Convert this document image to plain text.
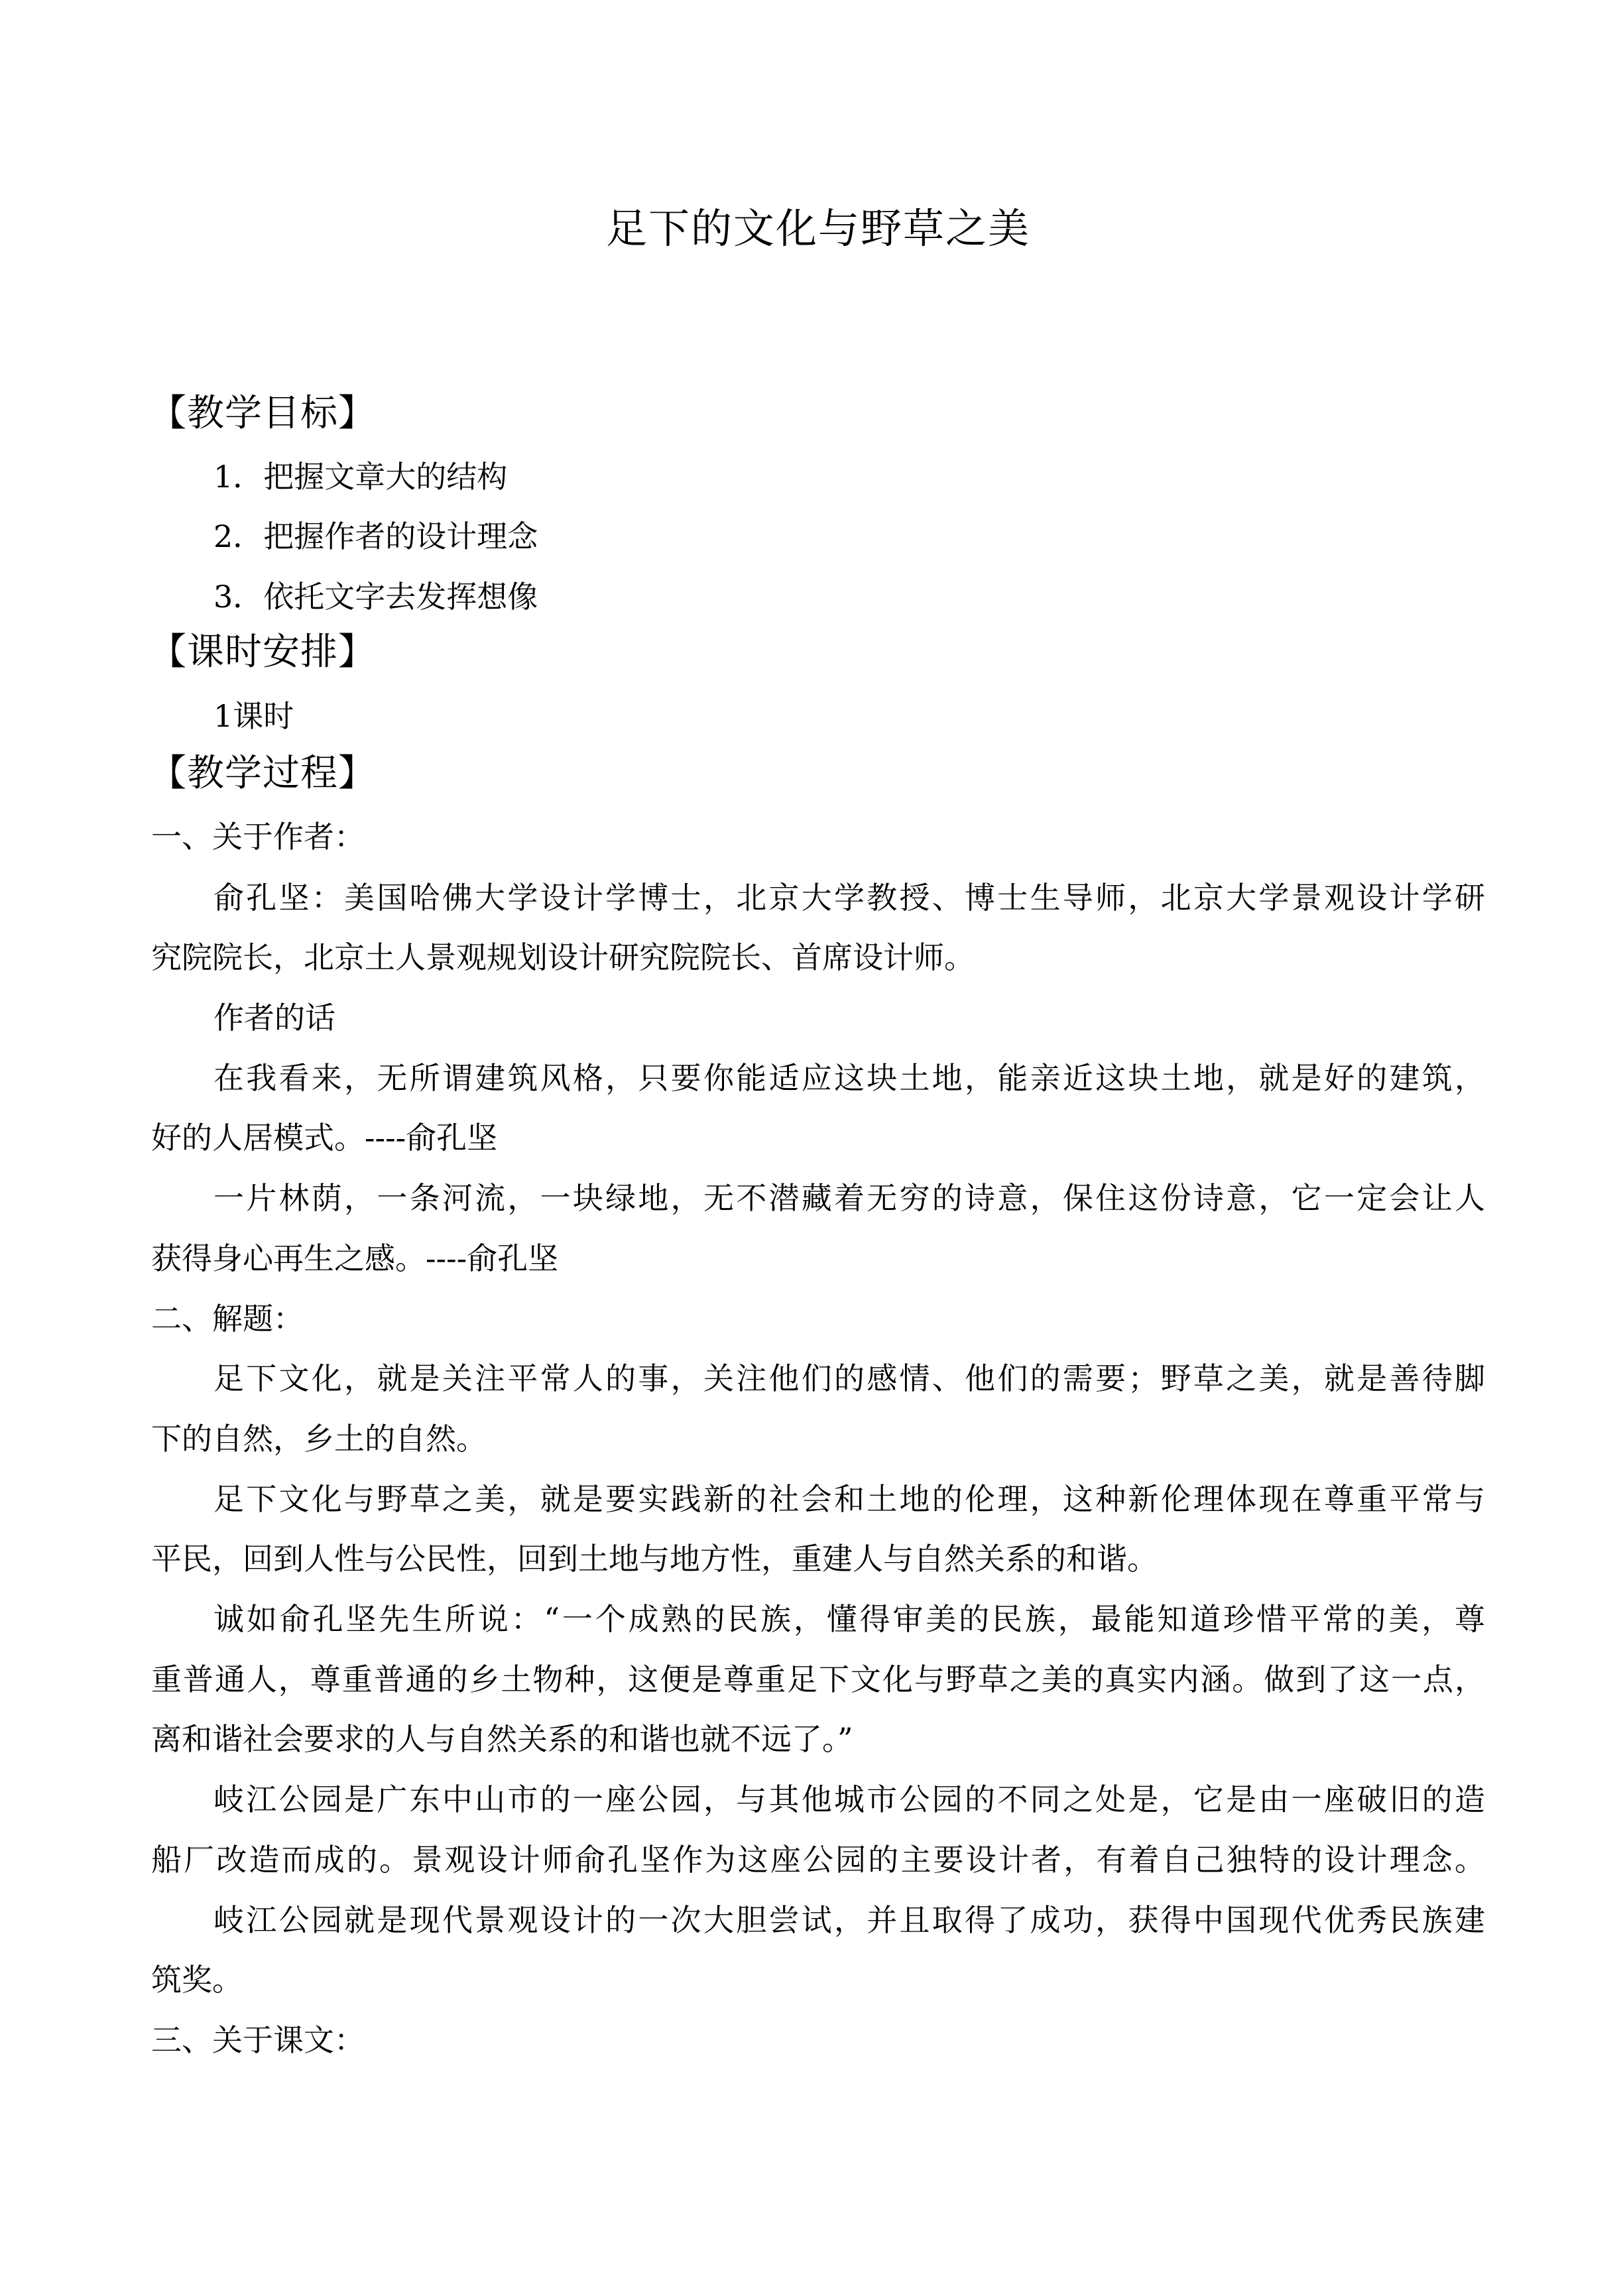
足下的文化与野草之美
【教学目标】
1．把握文章大的结构
2．把握作者的设计理念
3．依托文字去发挥想像
【课时安排】
1课时
【教学过程】
一、关于作者：
俞孔坚：美国哈佛大学设计学博士，北京大学教授、博士生导师，北京大学景观设计学研
究院院长，北京土人景观规划设计研究院院长、首席设计师。
作者的话
在我看来，无所谓建筑风格，只要你能适应这块土地，能亲近这块土地，就是好的建筑，
好的人居模式。----俞孔坚
一片林荫，一条河流，一块绿地，无不潜藏着无穷的诗意，保住这份诗意，它一定会让人
获得身心再生之感。----俞孔坚
二、解题：
足下文化，就是关注平常人的事，关注他们的感情、他们的需要；野草之美，就是善待脚
下的自然，乡土的自然。
足下文化与野草之美，就是要实践新的社会和土地的伦理，这种新伦理体现在尊重平常与
平民，回到人性与公民性，回到土地与地方性，重建人与自然关系的和谐。
诚如俞孔坚先生所说：“一个成熟的民族，懂得审美的民族，最能知道珍惜平常的美，尊
重普通人，尊重普通的乡土物种，这便是尊重足下文化与野草之美的真实内涵。做到了这一点，
离和谐社会要求的人与自然关系的和谐也就不远了。”
岐江公园是广东中山市的一座公园，与其他城市公园的不同之处是，它是由一座破旧的造
船厂改造而成的。景观设计师俞孔坚作为这座公园的主要设计者，有着自己独特的设计理念。
岐江公园就是现代景观设计的一次大胆尝试，并且取得了成功，获得中国现代优秀民族建
筑奖。
三、关于课文：
